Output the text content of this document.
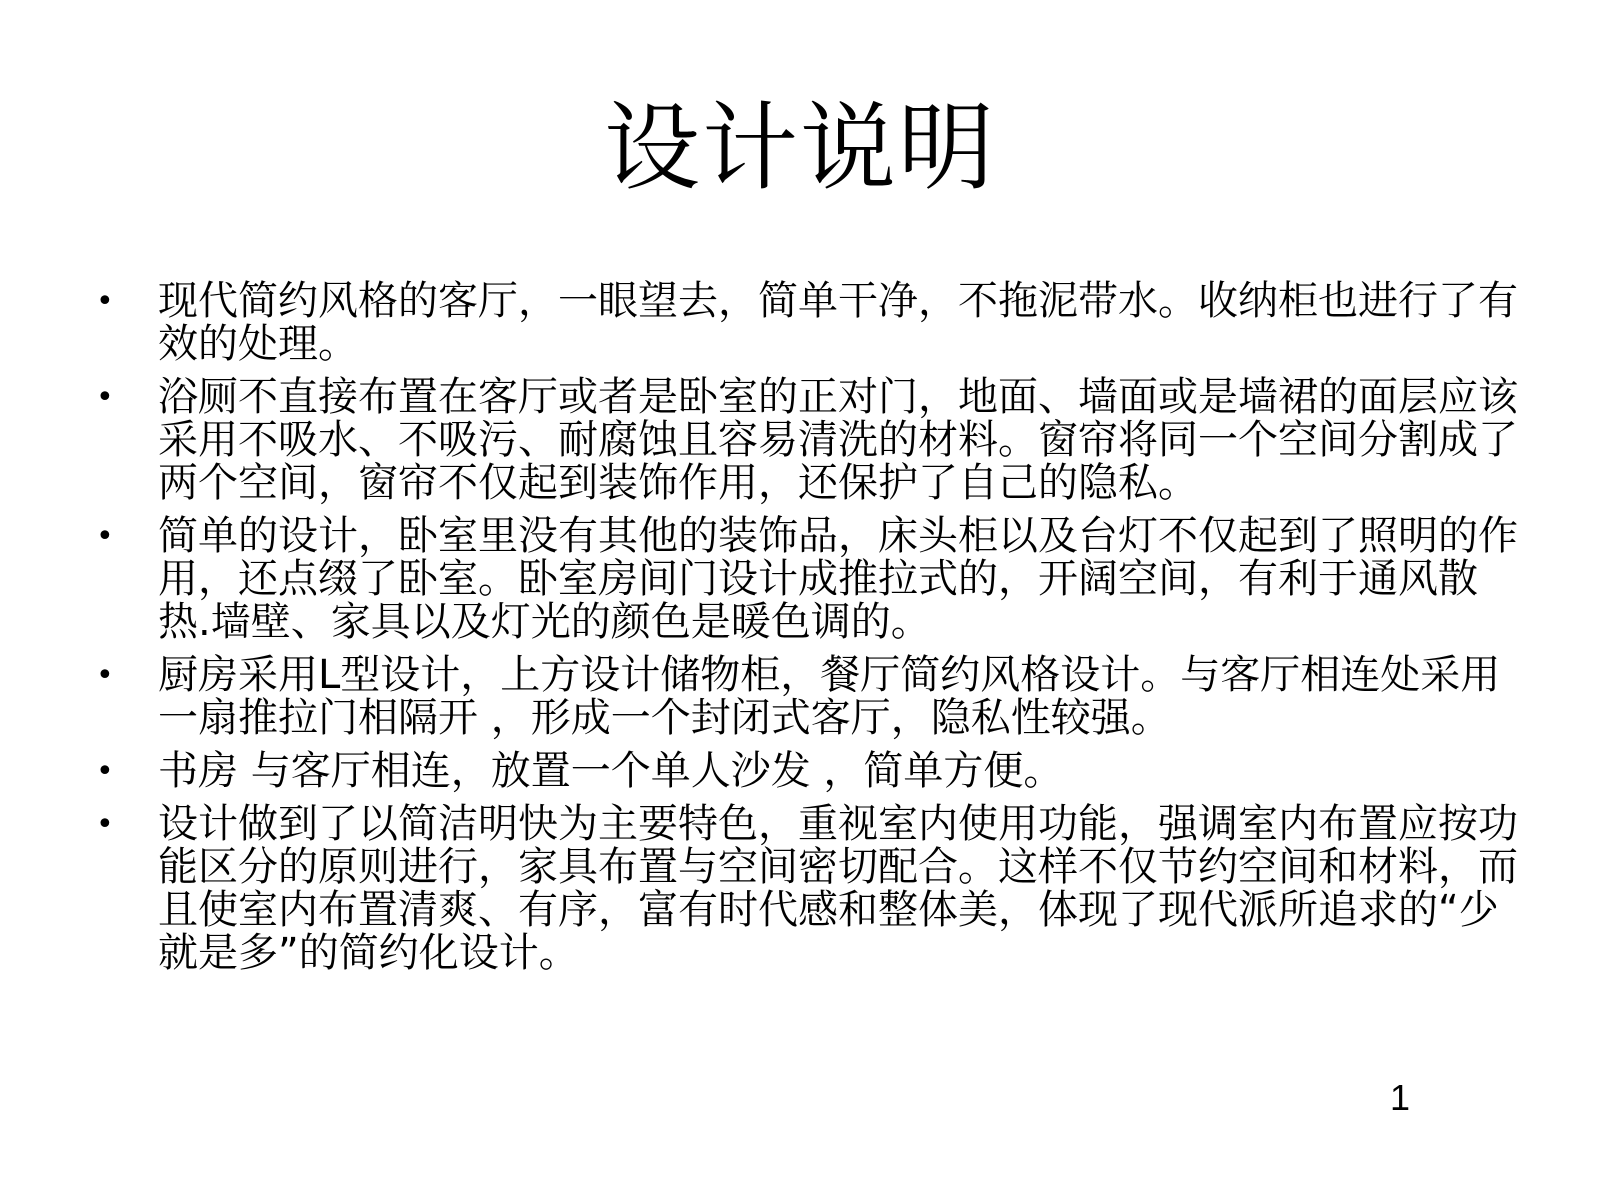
设计说明
• 现代简约风格的客厅，一眼望去，简单干净，不拖泥带水。收纳柜也进行了有效的处理。
• 浴厕不直接布置在客厅或者是卧室的正对门，地面、墙面或是墙裙的面层应该采用不吸水、不吸污、耐腐蚀且容易清洗的材料。窗帘将同一个空间分割成了两个空间，窗帘不仅起到装饰作用，还保护了自己的隐私。
• 简单的设计，卧室里没有其他的装饰品，床头柜以及台灯不仅起到了照明的作用，还点缀了卧室。卧室房间门设计成推拉式的，开阔空间，有利于通风散热.墙壁、家具以及灯光的颜色是暖色调的。
• 厨房采用L型设计，上方设计储物柜，餐厅简约风格设计。与客厅相连处采用一扇推拉门相隔开 ，形成一个封闭式客厅，隐私性较强。
• 书房 与客厅相连，放置一个单人沙发 ，简单方便。
• 设计做到了以简洁明快为主要特色，重视室内使用功能，强调室内布置应按功能区分的原则进行，家具布置与空间密切配合。这样不仅节约空间和材料，而且使室内布置清爽、有序，富有时代感和整体美，体现了现代派所追求的“少就是多”的简约化设计。
1
